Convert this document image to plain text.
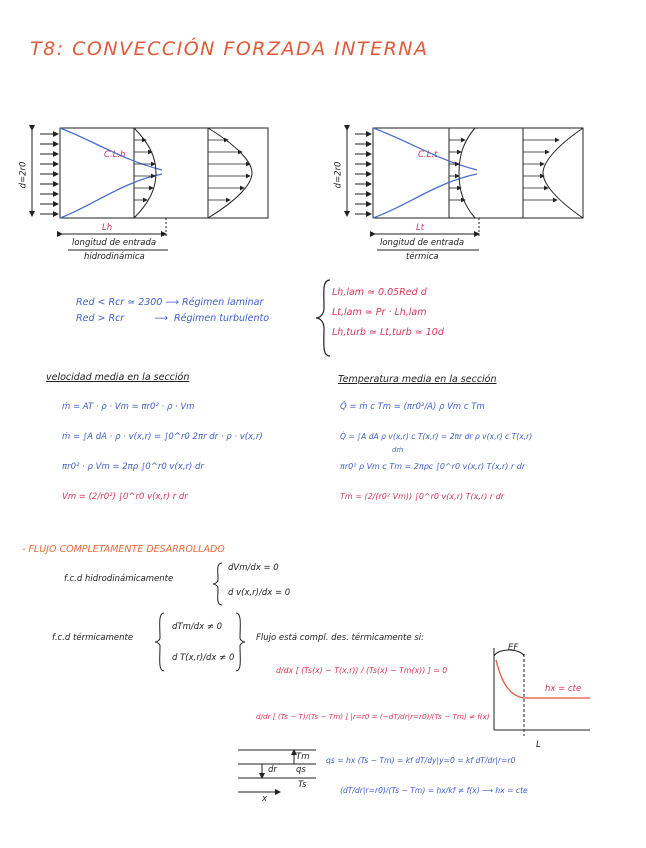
T8: CONVECCIÓN FORZADA INTERNA
d=2r0
C.L.h
Lh
longitud de entrada
hidrodinámica
d=2r0
C.L.t
Lt
longitud de entrada
térmica
Red < Rcr ≃ 2300 ⟶ Régimen laminar
Red > Rcr          ⟶  Régimen turbulento
Lh,lam ≃ 0.05Red d
Lt,lam ≃ Pr · Lh,lam
Lh,turb ≃ Lt,turb ≃ 10d
velocidad media en la sección
ṁ = AT · ρ · Vm = πr0² · ρ · Vm
ṁ = ∫A dA · ρ · v(x,r) = ∫0^r0 2πr dr · ρ · v(x,r)
πr0² · ρ Vm = 2πρ ∫0^r0 v(x,r) dr
Vm = (2/r0²) ∫0^r0 v(x,r) r dr
Temperatura media en la sección
Q̇ = ṁ c Tm = (πr0²/A) ρ Vm c Tm
Q̇ = ∫A dA ρ v(x,r) c T(x,r) = 2πr dr ρ v(x,r) c T(x,r)
dṁ
πr0² ρ Vm c Tm = 2πρc ∫0^r0 v(x,r) T(x,r) r dr
Tm = (2/(r0² Vm)) ∫0^r0 v(x,r) T(x,r) r dr
- FLUJO COMPLETAMENTE DESARROLLADO
f.c.d hidrodinámicamente
dVm/dx = 0
d v(x,r)/dx = 0
f.c.d térmicamente
dTm/dx ≠ 0
d T(x,r)/dx ≠ 0
Flujo está compl. des. térmicamente si:
d/dx [ (Ts(x) − T(x,r)) / (Ts(x) − Tm(x)) ] = 0
d/dr [ (Ts − T)/(Ts − Tm) ] |r=r0 = (−dT/dr|r=r0)/(Ts − Tm) ≠ f(x)
EF
hx = cte
L
dr qs
Tm
Ts
x
qs = hx (Ts − Tm) = kf dT/dy|y=0 = kf dT/dr|r=r0
(dT/dr|r=r0)/(Ts − Tm) = hx/kf ≠ f(x) ⟶ hx = cte
